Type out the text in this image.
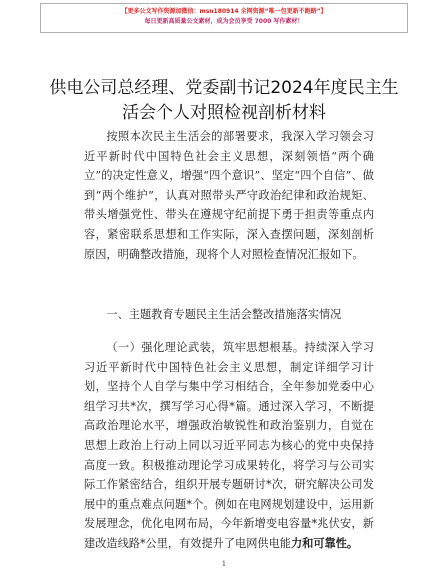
【更多公文写作资源加微信：msn180914 全网资源“唯一包更新不跑路”】
每日更新高质量公文素材，成为会员享受 7000 写作素材！
供电公司总经理、党委副书记2024年度民主生活会个人对照检视剖析材料
按照本次民主生活会的部署要求，我深入学习领会习近平新时代中国特色社会主义思想，深刻领悟“两个确立”的决定性意义，增强“四个意识”、坚定“四个自信”、做到“两个维护”，认真对照带头严守政治纪律和政治规矩、带头增强党性、带头在遵规守纪前提下勇于担责等重点内容，紧密联系思想和工作实际，深入查摆问题，深刻剖析原因，明确整改措施，现将个人对照检查情况汇报如下。
一、主题教育专题民主生活会整改措施落实情况
（一）强化理论武装，筑牢思想根基。持续深入学习习近平新时代中国特色社会主义思想，制定详细学习计划，坚持个人自学与集中学习相结合，全年参加党委中心组学习共*次，撰写学习心得*篇。通过深入学习，不断提高政治理论水平，增强政治敏锐性和政治鉴别力，自觉在思想上政治上行动上同以习近平同志为核心的党中央保持高度一致。积极推动理论学习成果转化，将学习与公司实际工作紧密结合，组织开展专题研讨*次，研究解决公司发展中的重点难点问题*个。例如在电网规划建设中，运用新发展理念，优化电网布局，今年新增变电容量*兆伏安，新建改造线路*公里，有效提升了电网供电能力和可靠性。
1
